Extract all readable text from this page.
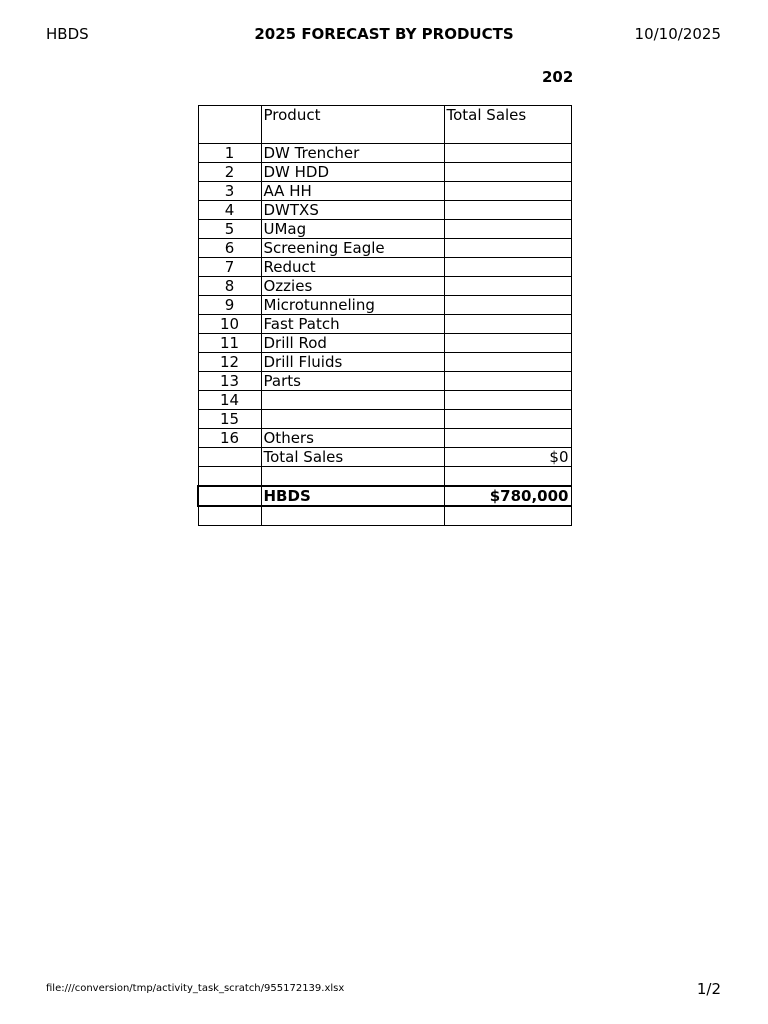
HBDS	2025 FORECAST BY PRODUCTS	10/10/2025
202
	Product	Total Sales
1	DW Trencher	
2	DW HDD	
3	AA HH	
4	DWTXS	
5	UMag	
6	Screening Eagle	
7	Reduct	
8	Ozzies	
9	Microtunneling	
10	Fast Patch	
11	Drill Rod	
12	Drill Fluids	
13	Parts	
14		
15		
16	Others	
	Total Sales	$0

	HBDS	$780,000

file:///conversion/tmp/activity_task_scratch/955172139.xlsx	1/2
